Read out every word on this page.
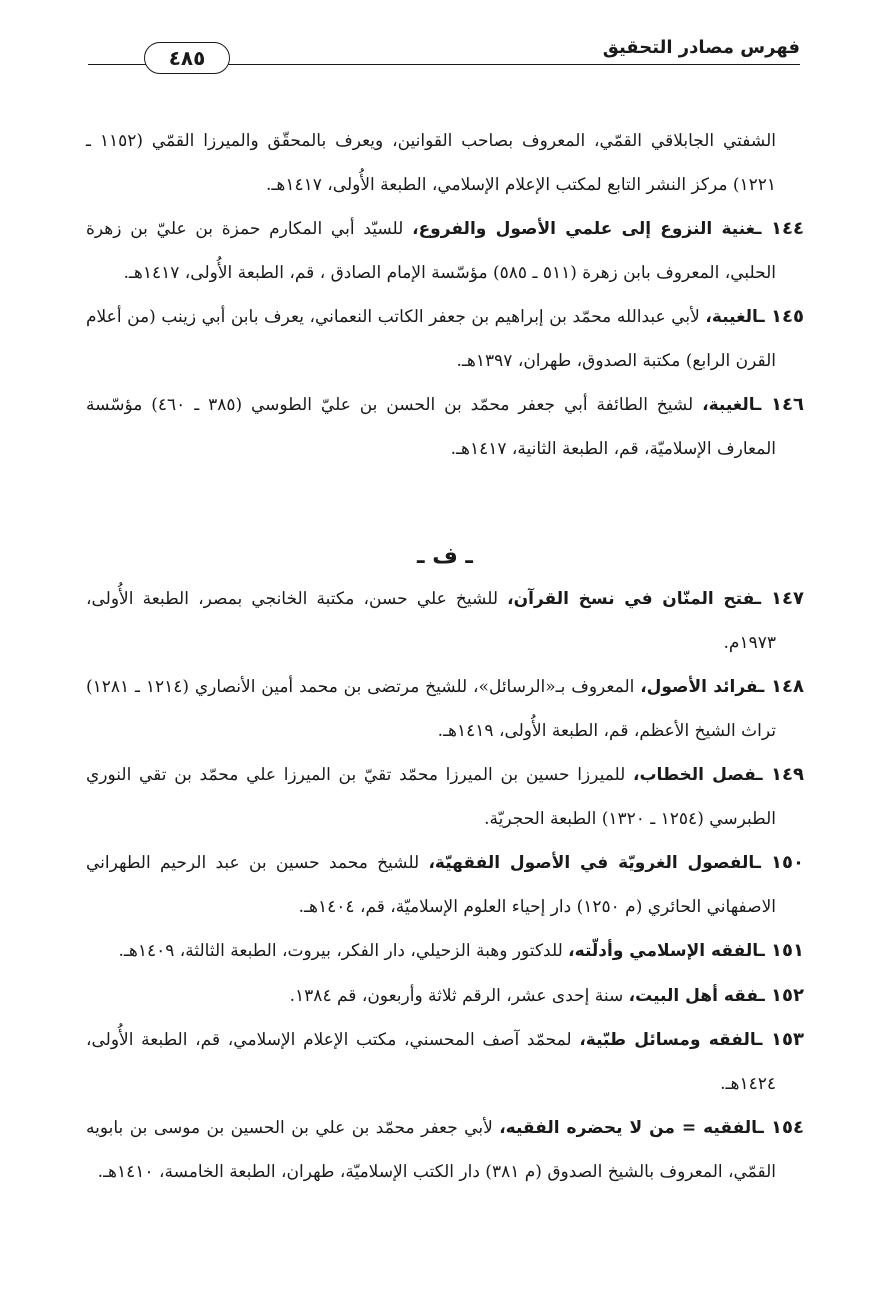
فهرس مصادر التحقيق
٤٨٥

الشفتي الجابلاقي القمّي، المعروف بصاحب القوانين، ويعرف بالمحقّق والميرزا القمّي (١١٥٢ ـ ١٢٢١) مركز النشر التابع لمكتب الإعلام الإسلامي، الطبعة الأُولى، ١٤١٧هـ.

١٤٤ ـغنية النزوع إلى علمي الأصول والفروع، للسيّد أبي المكارم حمزة بن عليّ بن زهرة الحلبي، المعروف بابن زهرة (٥١١ ـ ٥٨٥) مؤسّسة الإمام الصادق ، قم، الطبعة الأُولى، ١٤١٧هـ.

١٤٥ ـالغيبة، لأبي عبدالله محمّد بن إبراهيم بن جعفر الكاتب النعماني، يعرف بابن أبي زينب (من أعلام القرن الرابع) مكتبة الصدوق، طهران، ١٣٩٧هـ.

١٤٦ ـالغيبة، لشيخ الطائفة أبي جعفر محمّد بن الحسن بن عليّ الطوسي (٣٨٥ ـ ٤٦٠) مؤسّسة المعارف الإسلاميّة، قم، الطبعة الثانية، ١٤١٧هـ.

ـ ف ـ

١٤٧ ـفتح المنّان في نسخ القرآن، للشيخ علي حسن، مكتبة الخانجي بمصر، الطبعة الأُولى، ١٩٧٣م.

١٤٨ ـفرائد الأصول، المعروف بـ«الرسائل»، للشيخ مرتضى بن محمد أمين الأنصاري (١٢١٤ ـ ١٢٨١) تراث الشيخ الأعظم، قم، الطبعة الأُولى، ١٤١٩هـ.

١٤٩ ـفصل الخطاب، للميرزا حسين بن الميرزا محمّد تقيّ بن الميرزا علي محمّد بن تقي النوري الطبرسي (١٢٥٤ ـ ١٣٢٠) الطبعة الحجريّة.

١٥٠ ـالفصول الغرويّة في الأصول الفقهيّة، للشيخ محمد حسين بن عبد الرحيم الطهراني الاصفهاني الحائري (م ١٢٥٠) دار إحياء العلوم الإسلاميّة، قم، ١٤٠٤هـ.

١٥١ ـالفقه الإسلامي وأدلّته، للدكتور وهبة الزحيلي، دار الفكر، بيروت، الطبعة الثالثة، ١٤٠٩هـ.

١٥٢ ـفقه أهل البيت، سنة إحدى عشر، الرقم ثلاثة وأربعون، قم ١٣٨٤.

١٥٣ ـالفقه ومسائل طبّية، لمحمّد آصف المحسني، مكتب الإعلام الإسلامي، قم، الطبعة الأُولى، ١٤٢٤هـ.

١٥٤ ـالفقيه = من لا يحضره الفقيه، لأبي جعفر محمّد بن علي بن الحسين بن موسى بن بابويه القمّي، المعروف بالشيخ الصدوق (م ٣٨١) دار الكتب الإسلاميّة، طهران، الطبعة الخامسة، ١٤١٠هـ.
